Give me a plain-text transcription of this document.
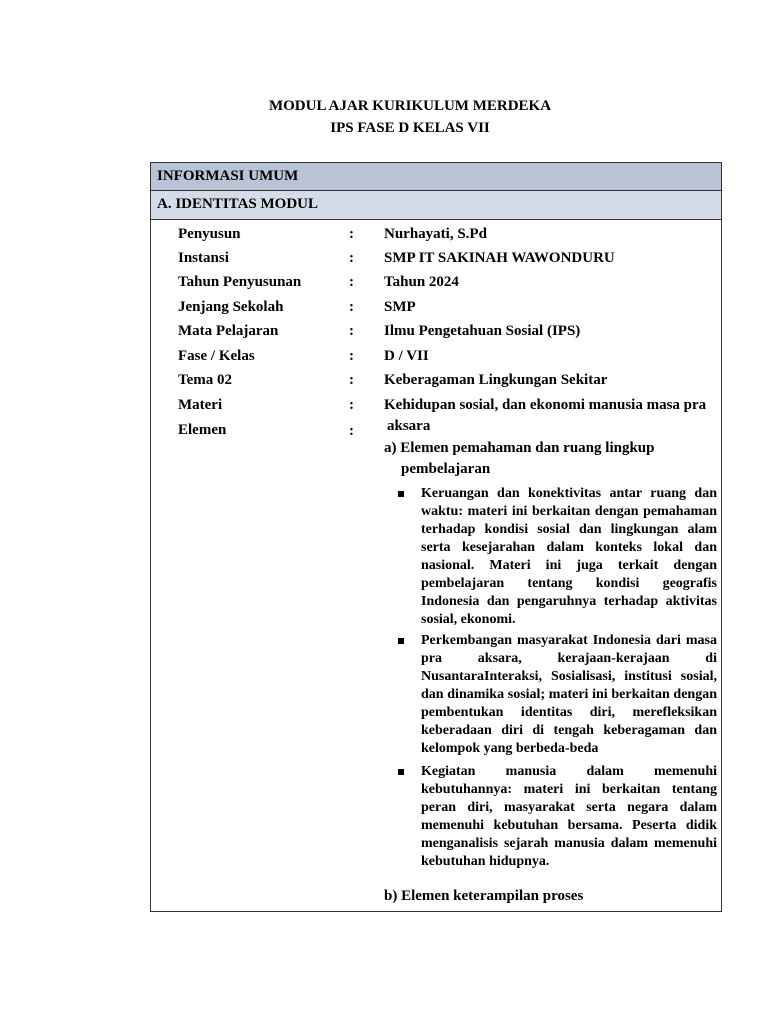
MODUL AJAR KURIKULUM MERDEKA
IPS FASE D KELAS VII
INFORMASI UMUM
A. IDENTITAS MODUL
Penyusun	: Nurhayati, S.Pd
Instansi	: SMP IT SAKINAH WAWONDURU
Tahun Penyusunan	: Tahun 2024
Jenjang Sekolah	: SMP
Mata Pelajaran	: Ilmu Pengetahuan Sosial (IPS)
Fase / Kelas	: D / VII
Tema 02	: Keberagaman Lingkungan Sekitar
Materi	: Kehidupan sosial, dan ekonomi manusia masa pra
aksara
Elemen	:
a) Elemen pemahaman dan ruang lingkup
pembelajaran

Keruangan dan konektivitas antar ruang dan waktu: materi ini berkaitan dengan pemahaman terhadap kondisi sosial dan lingkungan alam serta kesejarahan dalam konteks lokal dan nasional. Materi ini juga terkait dengan pembelajaran tentang kondisi geografis Indonesia dan pengaruhnya terhadap aktivitas sosial, ekonomi.

Perkembangan masyarakat Indonesia dari masa pra aksara, kerajaan-kerajaan di NusantaraInteraksi, Sosialisasi, institusi sosial, dan dinamika sosial; materi ini berkaitan dengan pembentukan identitas diri, merefleksikan keberadaan diri di tengah keberagaman dan kelompok yang berbeda-beda

Kegiatan manusia dalam memenuhi kebutuhannya: materi ini berkaitan tentang peran diri, masyarakat serta negara dalam memenuhi kebutuhan bersama. Peserta didik menganalisis sejarah manusia dalam memenuhi kebutuhan hidupnya.

b) Elemen keterampilan proses
